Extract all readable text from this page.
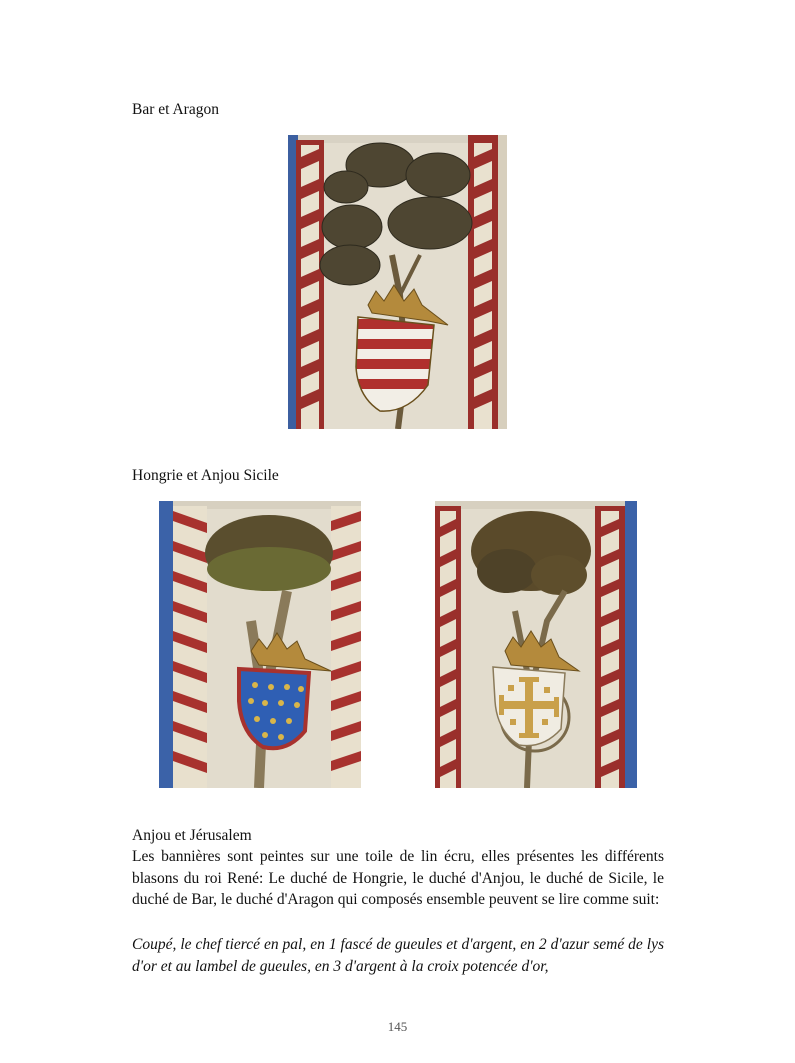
Bar et Aragon
Hongrie et Anjou Sicile
Anjou et Jérusalem

Les bannières sont peintes sur une toile de lin écru, elles présentes les différents blasons du roi René: Le duché de Hongrie, le duché d'Anjou, le duché de Sicile, le duché de Bar, le duché d'Aragon qui composés ensemble peuvent se lire comme suit:

Coupé, le chef tiercé en pal, en 1 fascé de gueules et d'argent, en 2 d'azur semé de lys d'or et au lambel de gueules, en 3 d'argent à la croix potencée d'or,

145
